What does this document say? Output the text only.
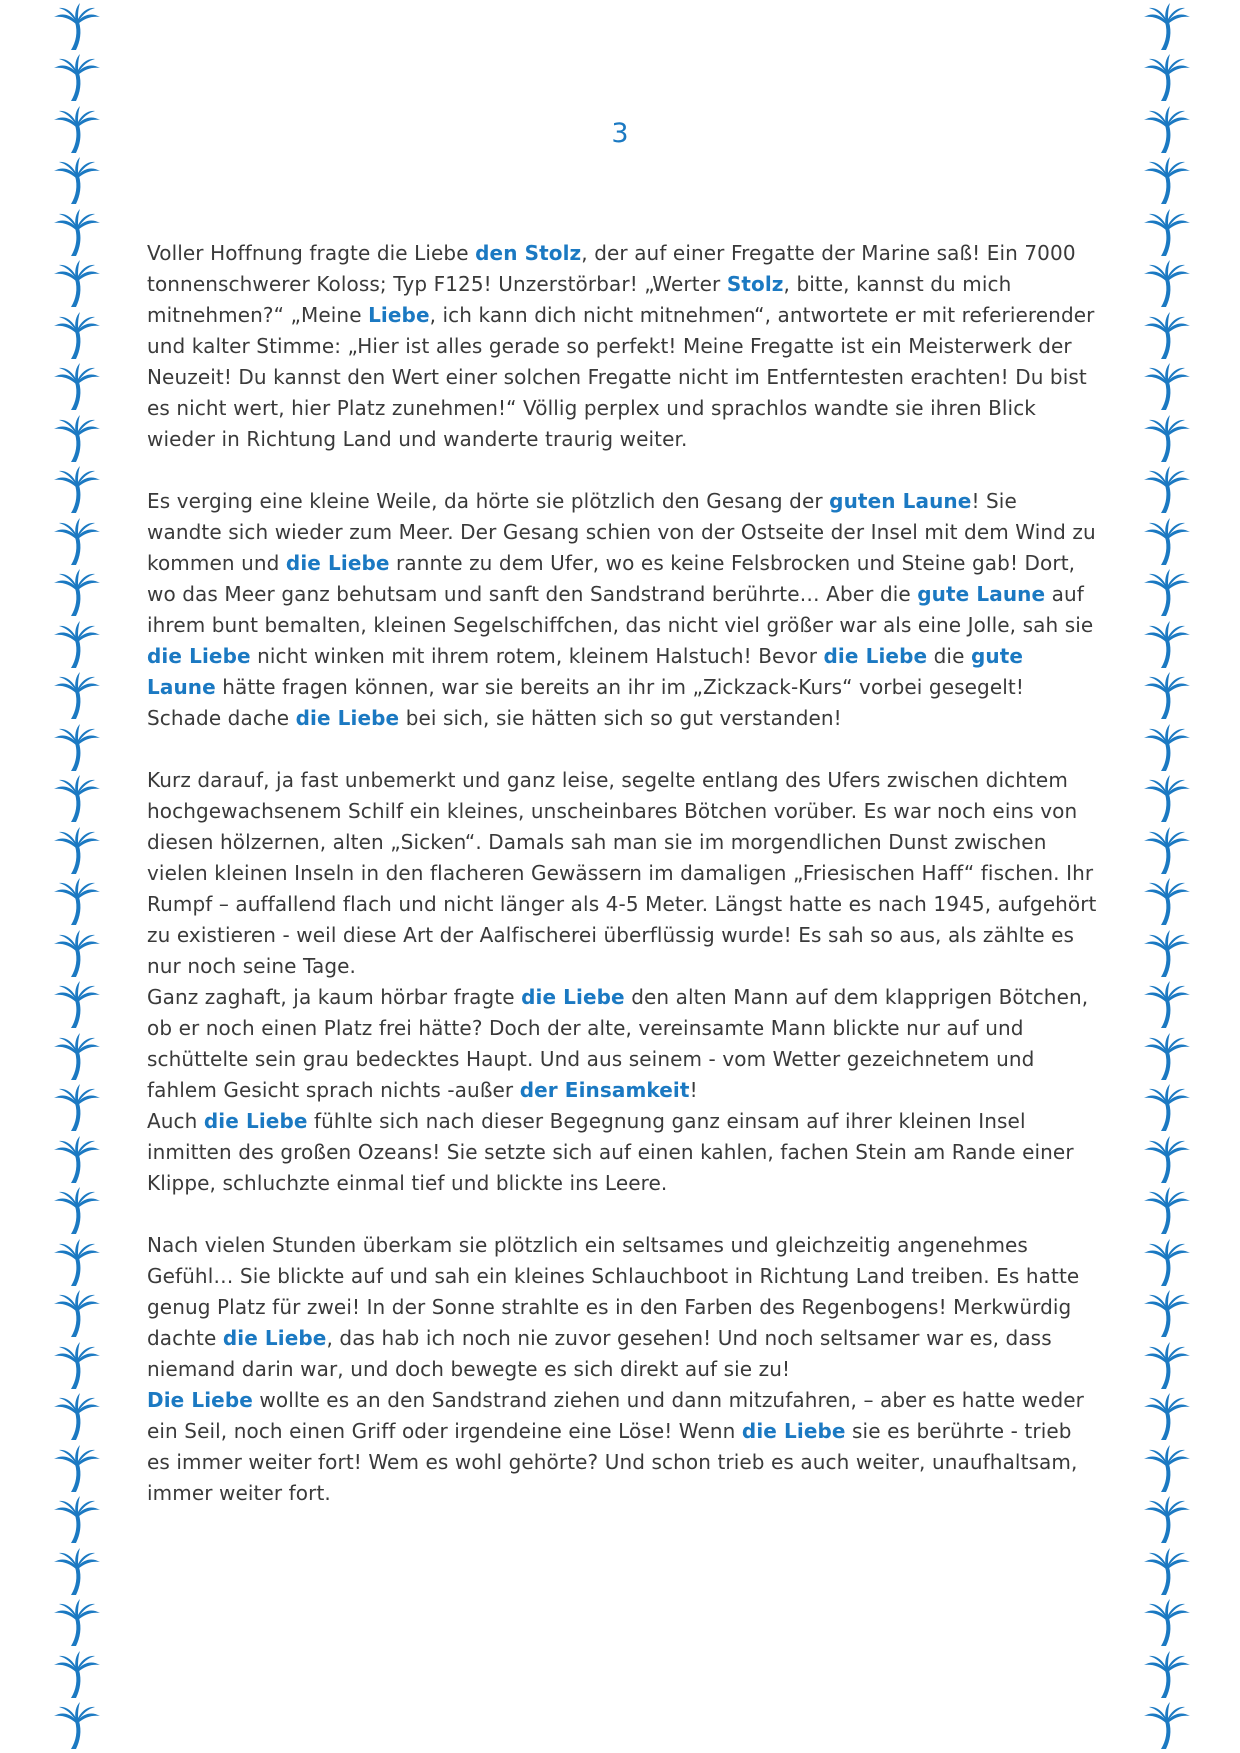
3

Voller Hoffnung fragte die Liebe den Stolz, der auf einer Fregatte der Marine saß! Ein 7000 tonnenschwerer Koloss; Typ F125! Unzerstörbar! „Werter Stolz, bitte, kannst du mich mitnehmen?“ „Meine Liebe, ich kann dich nicht mitnehmen“, antwortete er mit referierender und kalter Stimme: „Hier ist alles gerade so perfekt! Meine Fregatte ist ein Meisterwerk der Neuzeit! Du kannst den Wert einer solchen Fregatte nicht im Entferntesten erachten! Du bist es nicht wert, hier Platz zunehmen!“ Völlig perplex und sprachlos wandte sie ihren Blick wieder in Richtung Land und wanderte traurig weiter.

Es verging eine kleine Weile, da hörte sie plötzlich den Gesang der guten Laune! Sie wandte sich wieder zum Meer. Der Gesang schien von der Ostseite der Insel mit dem Wind zu kommen und die Liebe rannte zu dem Ufer, wo es keine Felsbrocken und Steine gab! Dort, wo das Meer ganz behutsam und sanft den Sandstrand berührte… Aber die gute Laune auf ihrem bunt bemalten, kleinen Segelschiffchen, das nicht viel größer war als eine Jolle, sah sie die Liebe nicht winken mit ihrem rotem, kleinem Halstuch! Bevor die Liebe die gute Laune hätte fragen können, war sie bereits an ihr im „Zickzack-Kurs“ vorbei gesegelt! Schade dache die Liebe bei sich, sie hätten sich so gut verstanden!

Kurz darauf, ja fast unbemerkt und ganz leise, segelte entlang des Ufers zwischen dichtem hochgewachsenem Schilf ein kleines, unscheinbares Bötchen vorüber. Es war noch eins von diesen hölzernen, alten „Sicken“. Damals sah man sie im morgendlichen Dunst zwischen vielen kleinen Inseln in den flacheren Gewässern im damaligen „Friesischen Haff“ fischen. Ihr Rumpf – auffallend flach und nicht länger als 4-5 Meter. Längst hatte es nach 1945, aufgehört zu existieren - weil diese Art der Aalfischerei überflüssig wurde! Es sah so aus, als zählte es nur noch seine Tage.

Ganz zaghaft, ja kaum hörbar fragte die Liebe den alten Mann auf dem klapprigen Bötchen, ob er noch einen Platz frei hätte? Doch der alte, vereinsamte Mann blickte nur auf und schüttelte sein grau bedecktes Haupt. Und aus seinem - vom Wetter gezeichnetem und fahlem Gesicht sprach nichts -außer der Einsamkeit!

Auch die Liebe fühlte sich nach dieser Begegnung ganz einsam auf ihrer kleinen Insel inmitten des großen Ozeans! Sie setzte sich auf einen kahlen, fachen Stein am Rande einer Klippe, schluchzte einmal tief und blickte ins Leere.

Nach vielen Stunden überkam sie plötzlich ein seltsames und gleichzeitig angenehmes Gefühl… Sie blickte auf und sah ein kleines Schlauchboot in Richtung Land treiben. Es hatte genug Platz für zwei! In der Sonne strahlte es in den Farben des Regenbogens! Merkwürdig dachte die Liebe, das hab ich noch nie zuvor gesehen! Und noch seltsamer war es, dass niemand darin war, und doch bewegte es sich direkt auf sie zu!

Die Liebe wollte es an den Sandstrand ziehen und dann mitzufahren, – aber es hatte weder ein Seil, noch einen Griff oder irgendeine eine Löse! Wenn die Liebe sie es berührte - trieb es immer weiter fort! Wem es wohl gehörte? Und schon trieb es auch weiter, unaufhaltsam, immer weiter fort.
